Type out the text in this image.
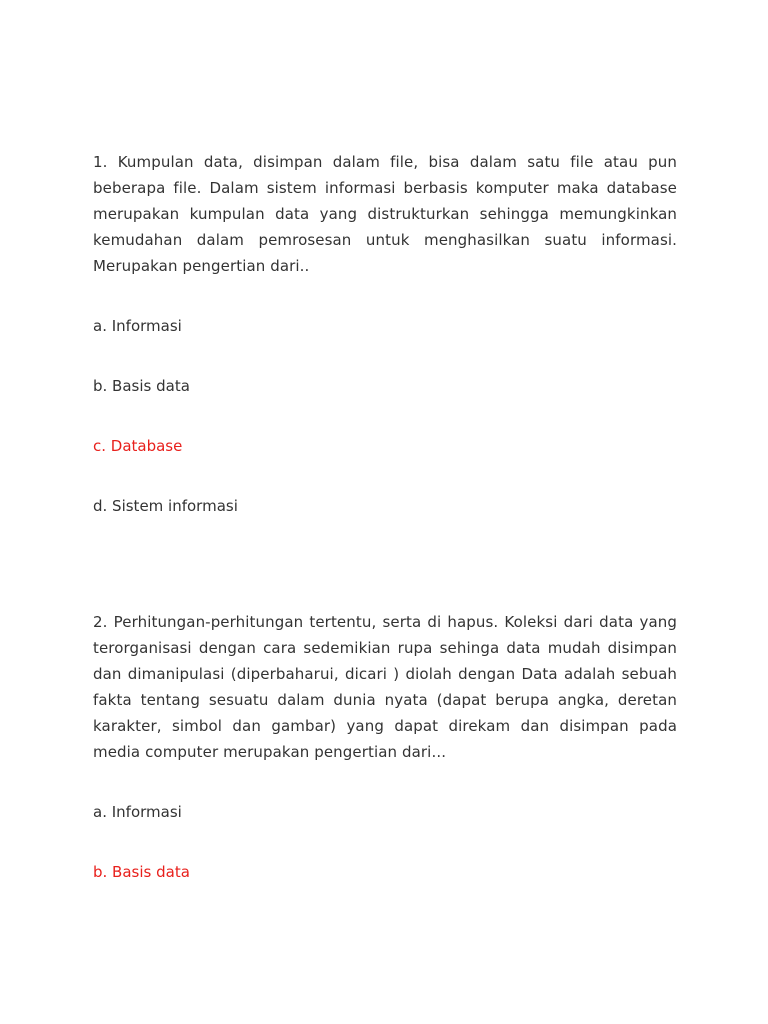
1. Kumpulan data, disimpan dalam file, bisa dalam satu file atau pun beberapa file. Dalam sistem informasi berbasis komputer maka database merupakan kumpulan data yang distrukturkan sehingga memungkinkan kemudahan dalam pemrosesan untuk menghasilkan suatu informasi. Merupakan pengertian dari..

a. Informasi

b. Basis data

c. Database

d. Sistem informasi

2. Perhitungan-perhitungan tertentu, serta di hapus. Koleksi dari data yang terorganisasi dengan cara sedemikian rupa sehinga data mudah disimpan dan dimanipulasi (diperbaharui, dicari ) diolah dengan Data adalah sebuah fakta tentang sesuatu dalam dunia nyata (dapat berupa angka, deretan karakter, simbol dan gambar) yang dapat direkam dan disimpan pada media computer merupakan pengertian dari...

a. Informasi

b. Basis data
